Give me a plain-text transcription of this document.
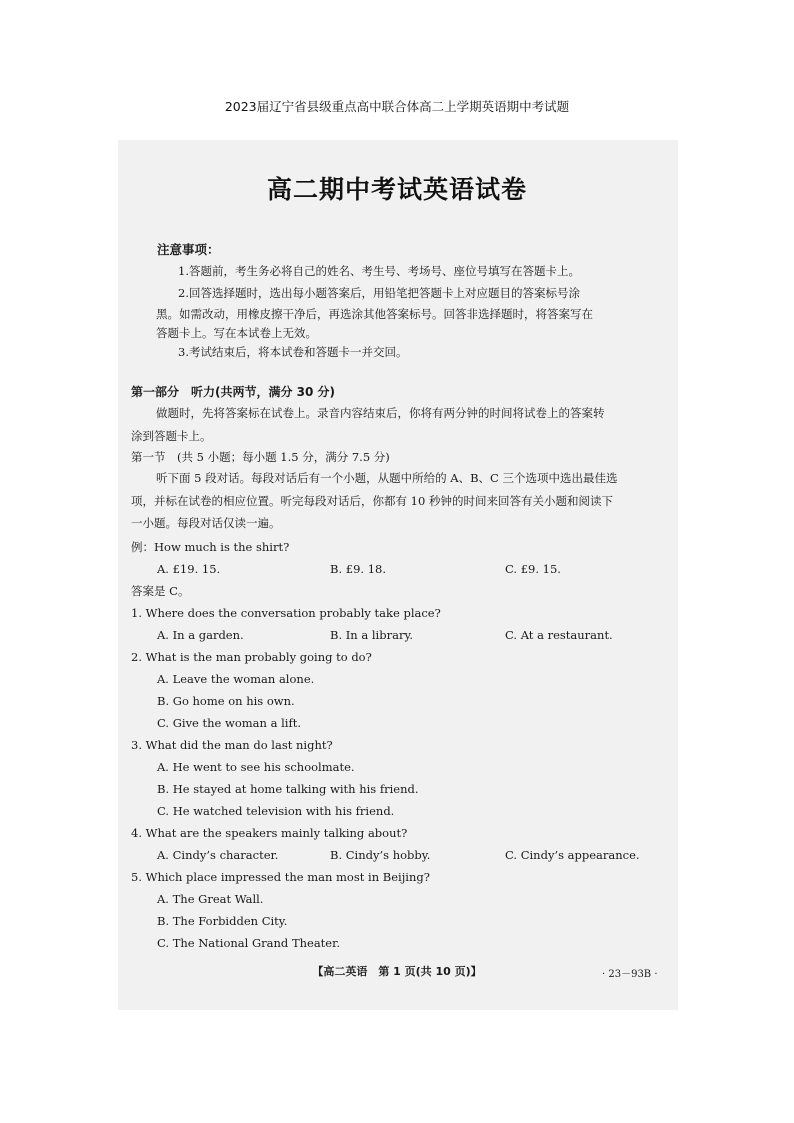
2023届辽宁省县级重点高中联合体高二上学期英语期中考试题
高二期中考试英语试卷
注意事项：
1.答题前，考生务必将自己的姓名、考生号、考场号、座位号填写在答题卡上。
2.回答选择题时，选出每小题答案后，用铅笔把答题卡上对应题目的答案标号涂
黑。如需改动，用橡皮擦干净后，再选涂其他答案标号。回答非选择题时，将答案写在
答题卡上。写在本试卷上无效。
3.考试结束后，将本试卷和答题卡一并交回。
第一部分　听力(共两节，满分 30 分)
做题时，先将答案标在试卷上。录音内容结束后，你将有两分钟的时间将试卷上的答案转
涂到答题卡上。
第一节　(共 5 小题；每小题 1.5 分，满分 7.5 分)
听下面 5 段对话。每段对话后有一个小题，从题中所给的 A、B、C 三个选项中选出最佳选
项，并标在试卷的相应位置。听完每段对话后，你都有 10 秒钟的时间来回答有关小题和阅读下
一小题。每段对话仅读一遍。
例：How much is the shirt?
A. £19. 15.	B. £9. 18.	C. £9. 15.
答案是 C。
1. Where does the conversation probably take place?
A. In a garden.	B. In a library.	C. At a restaurant.
2. What is the man probably going to do?
A. Leave the woman alone.
B. Go home on his own.
C. Give the woman a lift.
3. What did the man do last night?
A. He went to see his schoolmate.
B. He stayed at home talking with his friend.
C. He watched television with his friend.
4. What are the speakers mainly talking about?
A. Cindy’s character.	B. Cindy’s hobby.	C. Cindy’s appearance.
5. Which place impressed the man most in Beijing?
A. The Great Wall.
B. The Forbidden City.
C. The National Grand Theater.
【高二英语　第 1 页(共 10 页)】	· 23－93B ·
